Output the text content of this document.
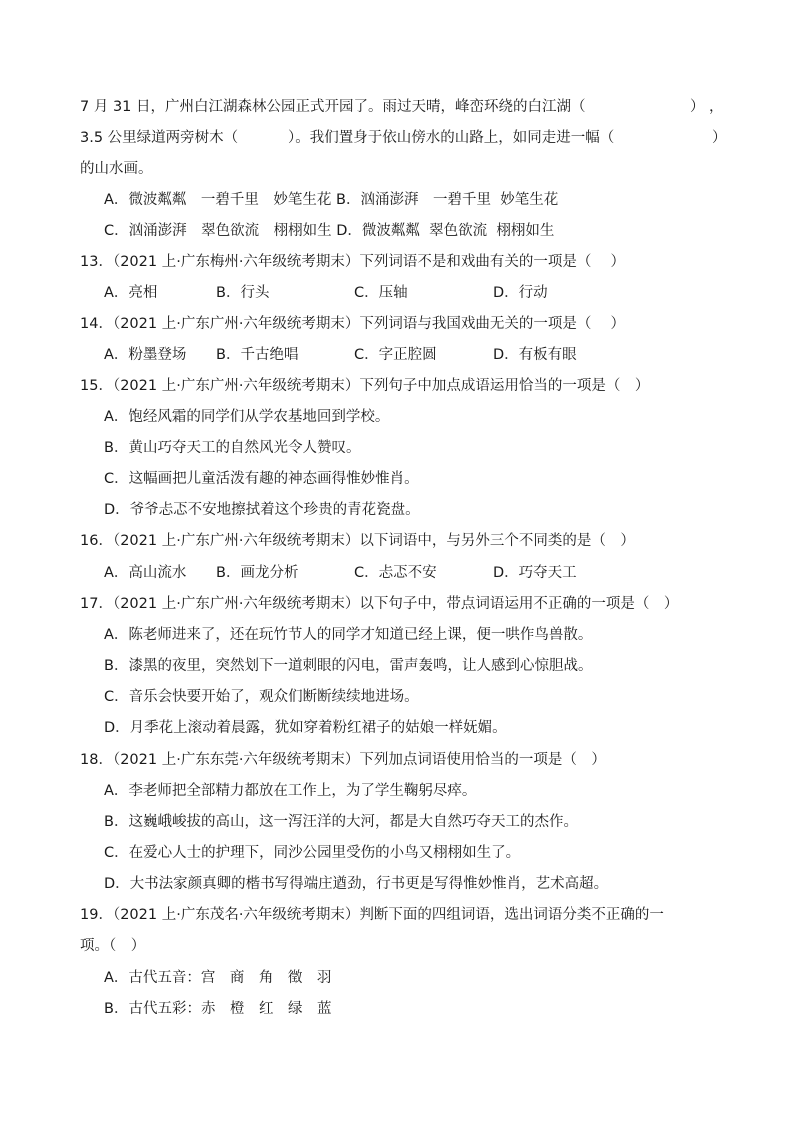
7 月 31 日，广州白江湖森林公园正式开园了。雨过天晴，峰峦环绕的白江湖（	） ，
3.5 公里绿道两旁树木（	）。我们置身于依山傍水的山路上，如同走进一幅（	）
的山水画。
A．微波粼粼　一碧千里　妙笔生花 B．汹涌澎湃　一碧千里  妙笔生花
C．汹涌澎湃　翠色欲流　栩栩如生 D．微波粼粼  翠色欲流  栩栩如生
13．（2021 上·广东梅州·六年级统考期末）下列词语不是和戏曲有关的一项是（　 ）
A．亮相	B．行头	C．压轴	D．行动
14．（2021 上·广东广州·六年级统考期末）下列词语与我国戏曲无关的一项是（　 ）
A．粉墨登场 B．千古绝唱	C．字正腔圆	D．有板有眼
15．（2021 上·广东广州·六年级统考期末）下列句子中加点成语运用恰当的一项是（　）
A．饱经风霜的同学们从学农基地回到学校。
B．黄山巧夺天工的自然风光令人赞叹。
C．这幅画把儿童活泼有趣的神态画得惟妙惟肖。
D．爷爷忐忑不安地擦拭着这个珍贵的青花瓷盘。
16．（2021 上·广东广州·六年级统考期末）以下词语中，与另外三个不同类的是（　）
A．高山流水 B．画龙分析	C．忐忑不安	D．巧夺天工
17．（2021 上·广东广州·六年级统考期末）以下句子中，带点词语运用不正确的一项是（　）
A．陈老师进来了，还在玩竹节人的同学才知道已经上课，便一哄作鸟兽散。
B．漆黑的夜里，突然划下一道刺眼的闪电，雷声轰鸣，让人感到心惊胆战。
C．音乐会快要开始了，观众们断断续续地进场。
D．月季花上滚动着晨露，犹如穿着粉红裙子的姑娘一样妩媚。
18．（2021 上·广东东莞·六年级统考期末）下列加点词语使用恰当的一项是（　）
A．李老师把全部精力都放在工作上，为了学生鞠躬尽瘁。
B．这巍峨峻拔的高山，这一泻汪洋的大河，都是大自然巧夺天工的杰作。
C．在爱心人士的护理下，同沙公园里受伤的小鸟又栩栩如生了。
D．大书法家颜真卿的楷书写得端庄遒劲，行书更是写得惟妙惟肖，艺术高超。
19．（2021 上·广东茂名·六年级统考期末）判断下面的四组词语，选出词语分类不正确的一
项。（　）
A．古代五音：宫　商　角　徵　羽
B．古代五彩：赤　橙　红　绿　蓝
